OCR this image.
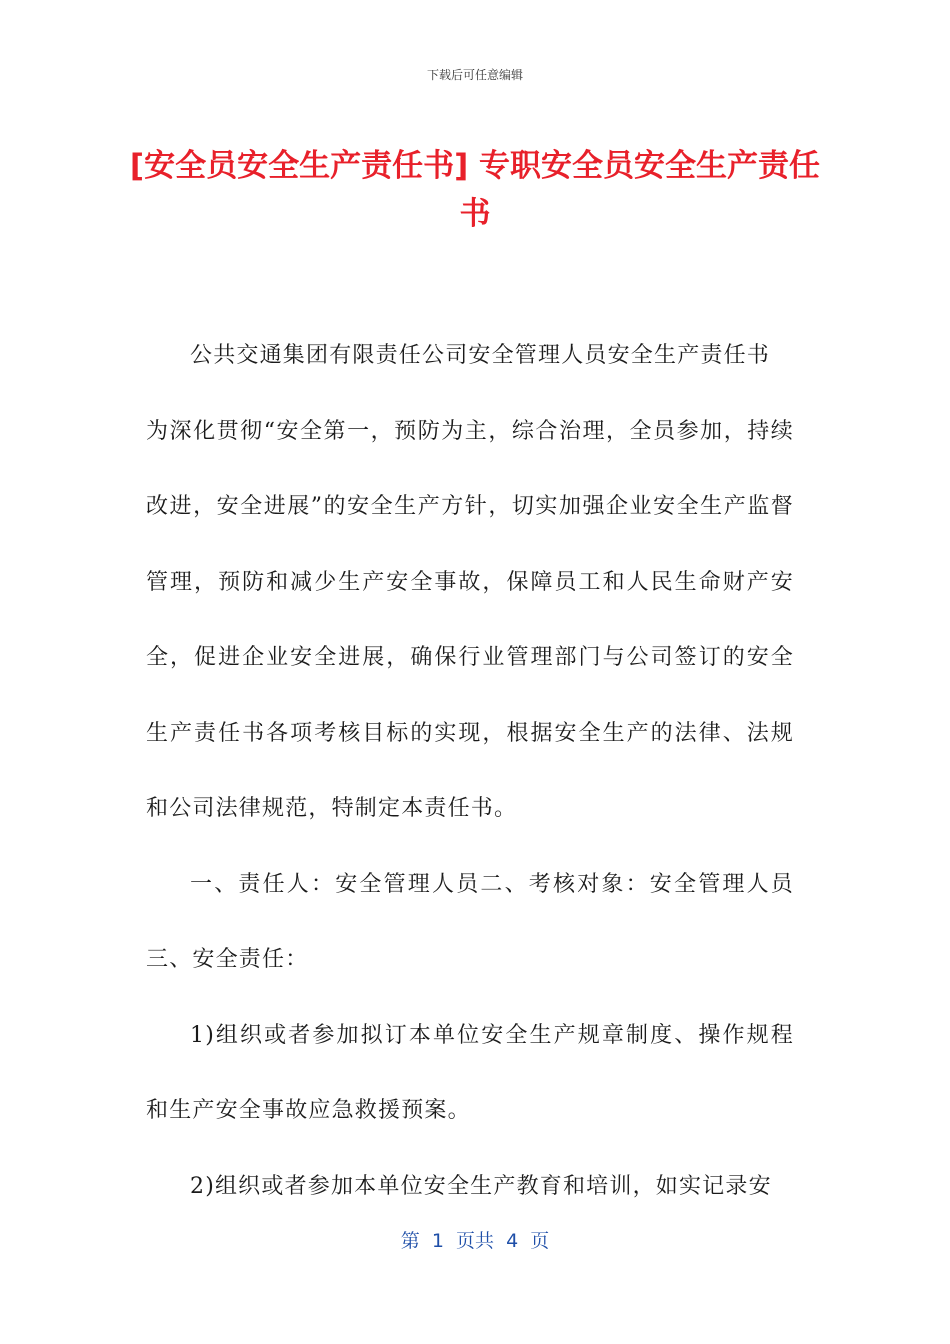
下载后可任意编辑
[安全员安全生产责任书] 专职安全员安全生产责任书

公共交通集团有限责任公司安全管理人员安全生产责任书

为深化贯彻“安全第一，预防为主，综合治理，全员参加，持续改进，安全进展”的安全生产方针，切实加强企业安全生产监督管理，预防和减少生产安全事故，保障员工和人民生命财产安全，促进企业安全进展，确保行业管理部门与公司签订的安全生产责任书各项考核目标的实现，根据安全生产的法律、法规和公司法律规范，特制定本责任书。

一、责任人：安全管理人员二、考核对象：安全管理人员三、安全责任：

1)组织或者参加拟订本单位安全生产规章制度、操作规程和生产安全事故应急救援预案。

2)组织或者参加本单位安全生产教育和培训，如实记录安

第  1  页共  4  页
